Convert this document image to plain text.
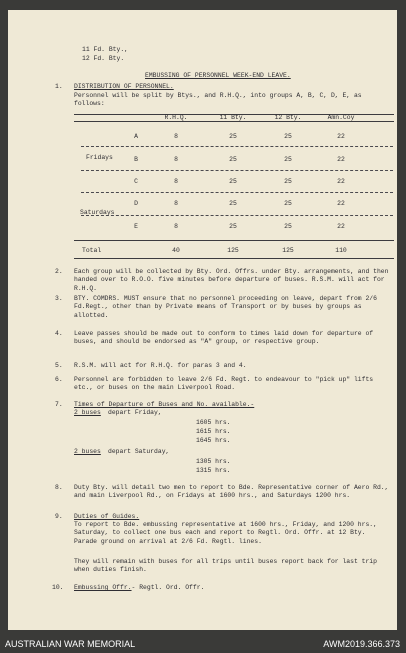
11 Fd. Bty.,
12 Fd. Bty.
EMBUSSING OF PERSONNEL WEEK-END LEAVE.
1. DISTRIBUTION OF PERSONNEL.
Personnel will be split by Btys., and R.H.Q., into groups A, B, C, D, E, as follows:
R.H.Q.	11 Bty.	12 Bty.	Amn.Coy
A	8	25	25	22
Fridays	B	8	25	25	22
C	8	25	25	22
D	8	25	25	22
Saturdays
E	8	25	25	22
Total	40	125	125	110
2. Each group will be collected by Bty. Ord. Offrs. under Bty. arrangements, and then handed over to R.O.O. five minutes before departure of buses. R.S.M. will act for R.H.Q.
3. BTY. COMDRS. MUST ensure that no personnel proceeding on leave, depart from 2/6 Fd.Regt., other than by Private means of Transport or by buses by groups as allotted.
4. Leave passes should be made out to conform to times laid down for departure of buses, and should be endorsed as "A" group, or respective group.
5. R.S.M. will act for R.H.Q. for paras 3 and 4.
6. Personnel are forbidden to leave 2/6 Fd. Regt. to endeavour to "pick up" lifts etc., or buses on the main Liverpool Road.
7. Times of Departure of Buses and No. available.-
2 buses depart Friday,
1605 hrs.
1615 hrs.
1645 hrs.
2 buses depart Saturday,
1305 hrs.
1315 hrs.
8. Duty Bty. will detail two men to report to Bde. Representative corner of Aero Rd., and main Liverpool Rd., on Fridays at 1600 hrs., and Saturdays 1200 hrs.
9. Duties of Guides.
To report to Bde. embussing representative at 1600 hrs., Friday, and 1200 hrs., Saturday, to collect one bus each and report to Regtl. Ord. Offr. at 12 Bty. Parade ground on arrival at 2/6 Fd. Regtl. lines.
They will remain with buses for all trips until buses report back for last trip when duties finish.
10. Embussing Offr.- Regtl. Ord. Offr.
AUSTRALIAN WAR MEMORIAL	AWM2019.366.373
